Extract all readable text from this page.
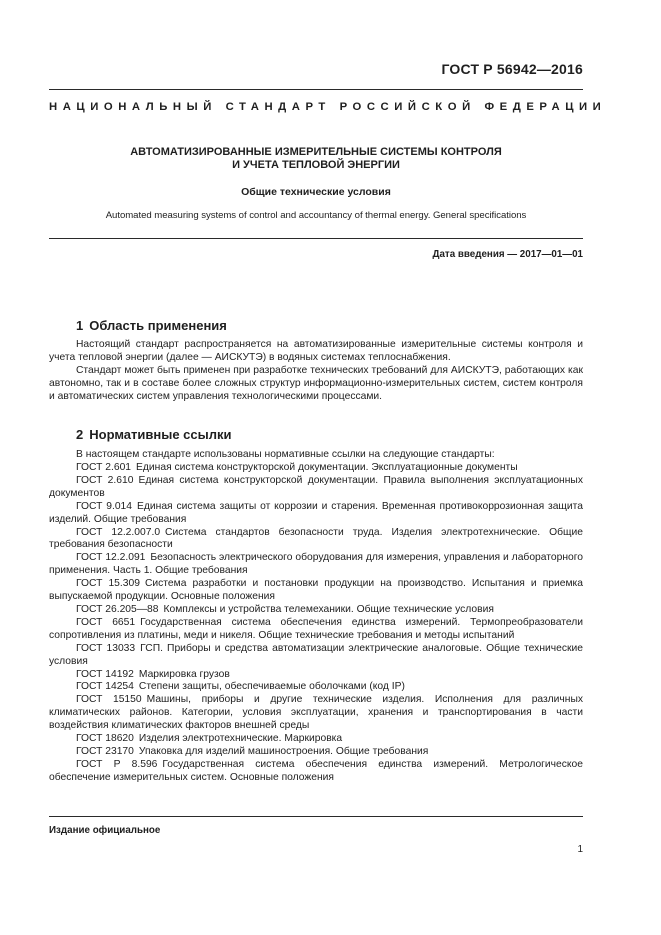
ГОСТ Р 56942—2016
НАЦИОНАЛЬНЫЙ СТАНДАРТ РОССИЙСКОЙ ФЕДЕРАЦИИ
АВТОМАТИЗИРОВАННЫЕ ИЗМЕРИТЕЛЬНЫЕ СИСТЕМЫ КОНТРОЛЯ
И УЧЕТА ТЕПЛОВОЙ ЭНЕРГИИ
Общие технические условия
Automated measuring systems of control and accountancy of thermal energy. General specifications
Дата введения — 2017—01—01
1 Область применения

Настоящий стандарт распространяется на автоматизированные измерительные системы контроля и учета тепловой энергии (далее — АИСКУТЭ) в водяных системах теплоснабжения.

Стандарт может быть применен при разработке технических требований для АИСКУТЭ, работающих как автономно, так и в составе более сложных структур информационно-измерительных систем, систем контроля и автоматических систем управления технологическими процессами.

2 Нормативные ссылки

В настоящем стандарте использованы нормативные ссылки на следующие стандарты:

ГОСТ 2.601 Единая система конструкторской документации. Эксплуатационные документы
ГОСТ 2.610 Единая система конструкторской документации. Правила выполнения эксплуатационных документов
ГОСТ 9.014 Единая система защиты от коррозии и старения. Временная противокоррозионная защита изделий. Общие требования
ГОСТ 12.2.007.0 Система стандартов безопасности труда. Изделия электротехнические. Общие требования безопасности
ГОСТ 12.2.091 Безопасность электрического оборудования для измерения, управления и лабораторного применения. Часть 1. Общие требования
ГОСТ 15.309 Система разработки и постановки продукции на производство. Испытания и приемка выпускаемой продукции. Основные положения
ГОСТ 26.205—88 Комплексы и устройства телемеханики. Общие технические условия
ГОСТ 6651 Государственная система обеспечения единства измерений. Термопреобразователи сопротивления из платины, меди и никеля. Общие технические требования и методы испытаний
ГОСТ 13033 ГСП. Приборы и средства автоматизации электрические аналоговые. Общие технические условия
ГОСТ 14192 Маркировка грузов
ГОСТ 14254 Степени защиты, обеспечиваемые оболочками (код IP)
ГОСТ 15150 Машины, приборы и другие технические изделия. Исполнения для различных климатических районов. Категории, условия эксплуатации, хранения и транспортирования в части воздействия климатических факторов внешней среды
ГОСТ 18620 Изделия электротехнические. Маркировка
ГОСТ 23170 Упаковка для изделий машиностроения. Общие требования
ГОСТ Р 8.596 Государственная система обеспечения единства измерений. Метрологическое обеспечение измерительных систем. Основные положения
Издание официальное
1
